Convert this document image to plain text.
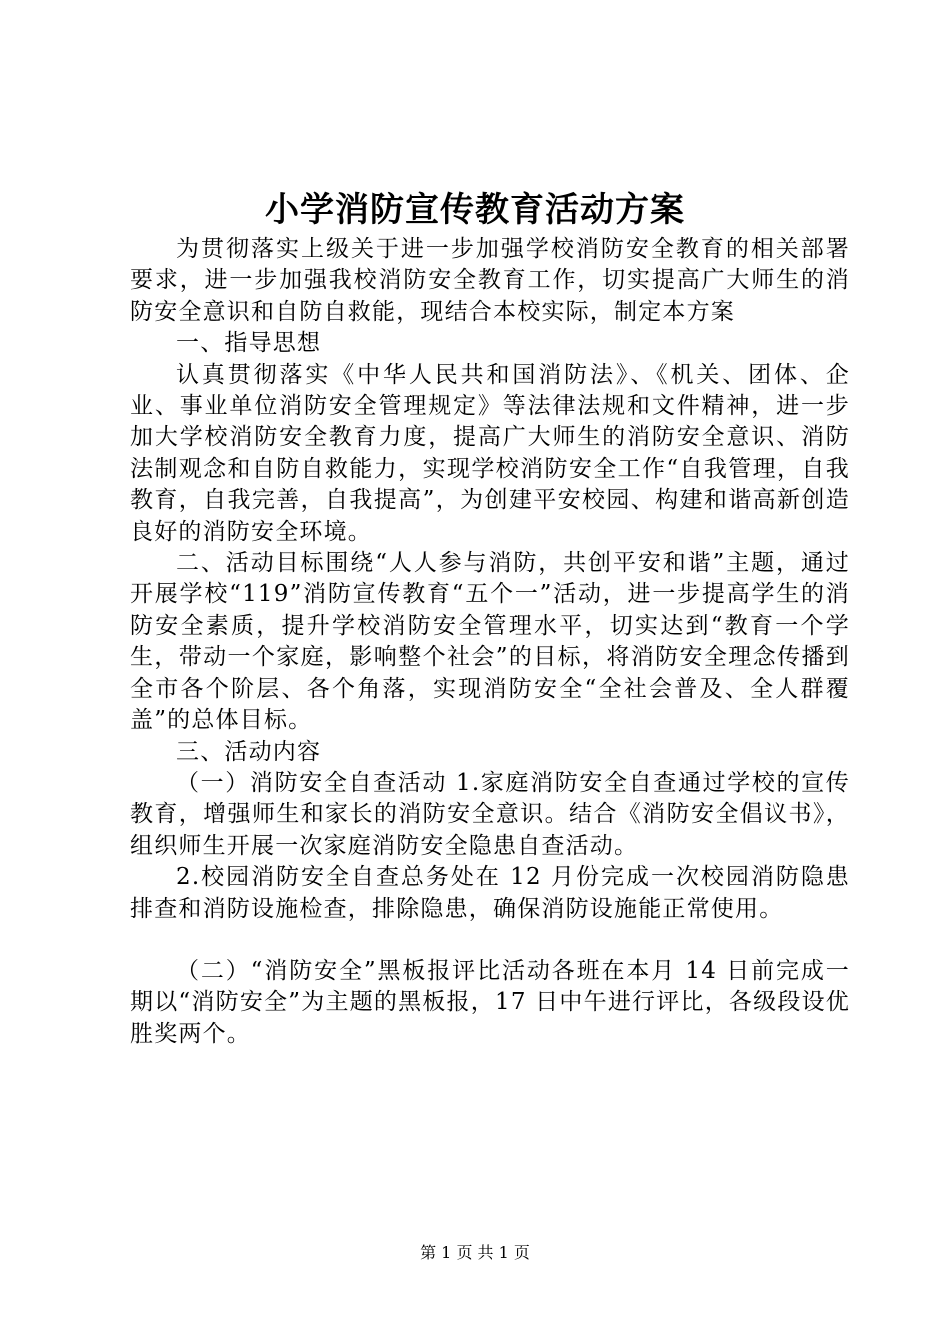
小学消防宣传教育活动方案

为贯彻落实上级关于进一步加强学校消防安全教育的相关部署要求，进一步加强我校消防安全教育工作，切实提高广大师生的消防安全意识和自防自救能，现结合本校实际，制定本方案

一、指导思想

认真贯彻落实《中华人民共和国消防法》、《机关、团体、企业、事业单位消防安全管理规定》等法律法规和文件精神，进一步加大学校消防安全教育力度，提高广大师生的消防安全意识、消防法制观念和自防自救能力，实现学校消防安全工作“自我管理，自我教育，自我完善，自我提高”，为创建平安校园、构建和谐高新创造良好的消防安全环境。

二、活动目标围绕“人人参与消防，共创平安和谐”主题，通过开展学校“119”消防宣传教育“五个一”活动，进一步提高学生的消防安全素质，提升学校消防安全管理水平，切实达到“教育一个学生，带动一个家庭，影响整个社会”的目标，将消防安全理念传播到全市各个阶层、各个角落，实现消防安全“全社会普及、全人群覆盖”的总体目标。

三、活动内容

（一）消防安全自查活动 1.家庭消防安全自查通过学校的宣传教育，增强师生和家长的消防安全意识。结合《消防安全倡议书》，组织师生开展一次家庭消防安全隐患自查活动。

2.校园消防安全自查总务处在 12 月份完成一次校园消防隐患排查和消防设施检查，排除隐患，确保消防设施能正常使用。

（二）“消防安全”黑板报评比活动各班在本月 14 日前完成一期以“消防安全”为主题的黑板报，17 日中午进行评比，各级段设优胜奖两个。

第 1 页 共 1 页
